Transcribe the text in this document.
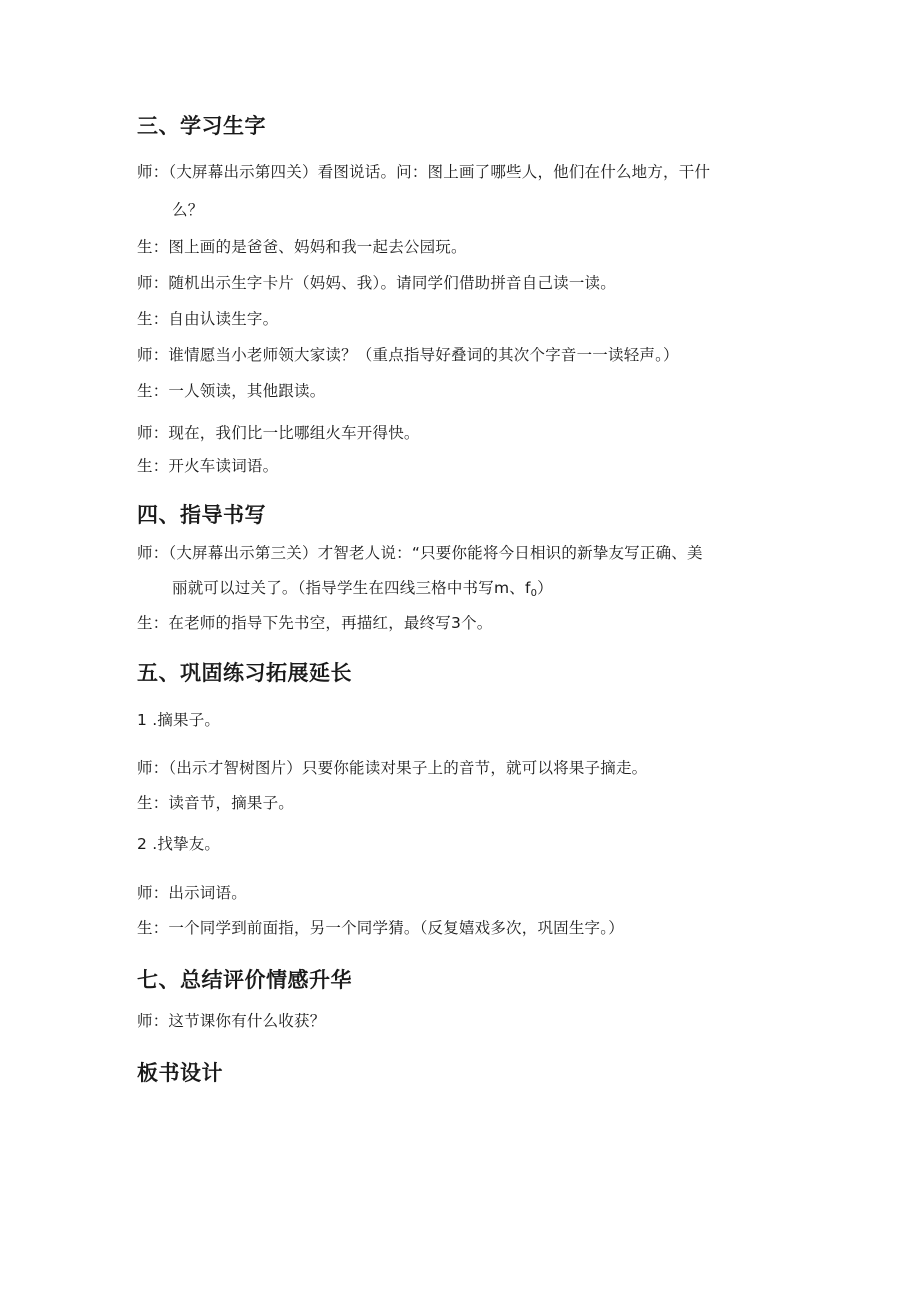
三、学习生字
师：（大屏幕出示第四关）看图说话。问：图上画了哪些人，他们在什么地方，干什
么？
生：图上画的是爸爸、妈妈和我一起去公园玩。
师：随机出示生字卡片（妈妈、我）。请同学们借助拼音自己读一读。
生：自由认读生字。
师：谁情愿当小老师领大家读？（重点指导好叠词的其次个字音一一读轻声。）
生：一人领读，其他跟读。
师：现在，我们比一比哪组火车开得快。
生：开火车读词语。
四、指导书写
师：（大屏幕出示第三关）才智老人说：“只要你能将今日相识的新挚友写正确、美
丽就可以过关了。（指导学生在四线三格中书写m、$f_0$）
生：在老师的指导下先书空，再描红，最终写3个。
五、巩固练习拓展延长
1 .摘果子。
师：（出示才智树图片）只要你能读对果子上的音节，就可以将果子摘走。
生：读音节，摘果子。
2 .找挚友。
师：出示词语。
生：一个同学到前面指，另一个同学猜。（反复嬉戏多次，巩固生字。）
七、总结评价情感升华
师：这节课你有什么收获？
板书设计
